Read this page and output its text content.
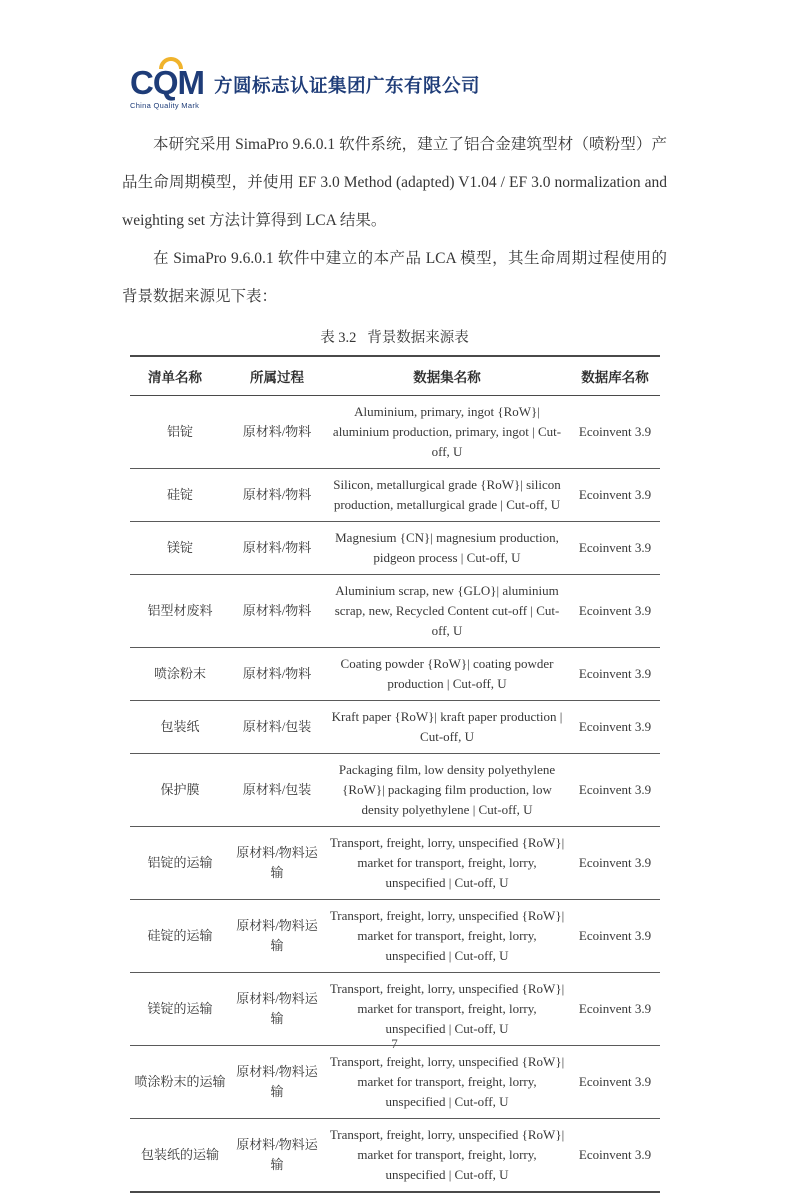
CQM
China Quality Mark
方圆标志认证集团广东有限公司

本研究采用 SimaPro 9.6.0.1 软件系统，建立了铝合金建筑型材（喷粉型）产品生命周期模型，并使用 EF 3.0 Method (adapted) V1.04 / EF 3.0 normalization and weighting set 方法计算得到 LCA 结果。

在 SimaPro 9.6.0.1 软件中建立的本产品 LCA 模型，其生命周期过程使用的背景数据来源见下表：

表 3.2   背景数据来源表
清单名称	所属过程	数据集名称	数据库名称
铝锭	原材料/物料	Aluminium, primary, ingot {RoW}| aluminium production, primary, ingot | Cut-off, U	Ecoinvent 3.9
硅锭	原材料/物料	Silicon, metallurgical grade {RoW}| silicon production, metallurgical grade | Cut-off, U	Ecoinvent 3.9
镁锭	原材料/物料	Magnesium {CN}| magnesium production, pidgeon process | Cut-off, U	Ecoinvent 3.9
铝型材废料	原材料/物料	Aluminium scrap, new {GLO}| aluminium scrap, new, Recycled Content cut-off | Cut-off, U	Ecoinvent 3.9
喷涂粉末	原材料/物料	Coating powder {RoW}| coating powder production | Cut-off, U	Ecoinvent 3.9
包装纸	原材料/包装	Kraft paper {RoW}| kraft paper production | Cut-off, U	Ecoinvent 3.9
保护膜	原材料/包装	Packaging film, low density polyethylene {RoW}| packaging film production, low density polyethylene | Cut-off, U	Ecoinvent 3.9
铝锭的运输	原材料/物料运输	Transport, freight, lorry, unspecified {RoW}| market for transport, freight, lorry, unspecified | Cut-off, U	Ecoinvent 3.9
硅锭的运输	原材料/物料运输	Transport, freight, lorry, unspecified {RoW}| market for transport, freight, lorry, unspecified | Cut-off, U	Ecoinvent 3.9
镁锭的运输	原材料/物料运输	Transport, freight, lorry, unspecified {RoW}| market for transport, freight, lorry, unspecified | Cut-off, U	Ecoinvent 3.9
喷涂粉末的运输	原材料/物料运输	Transport, freight, lorry, unspecified {RoW}| market for transport, freight, lorry, unspecified | Cut-off, U	Ecoinvent 3.9
包装纸的运输	原材料/物料运输	Transport, freight, lorry, unspecified {RoW}| market for transport, freight, lorry, unspecified | Cut-off, U	Ecoinvent 3.9
7
